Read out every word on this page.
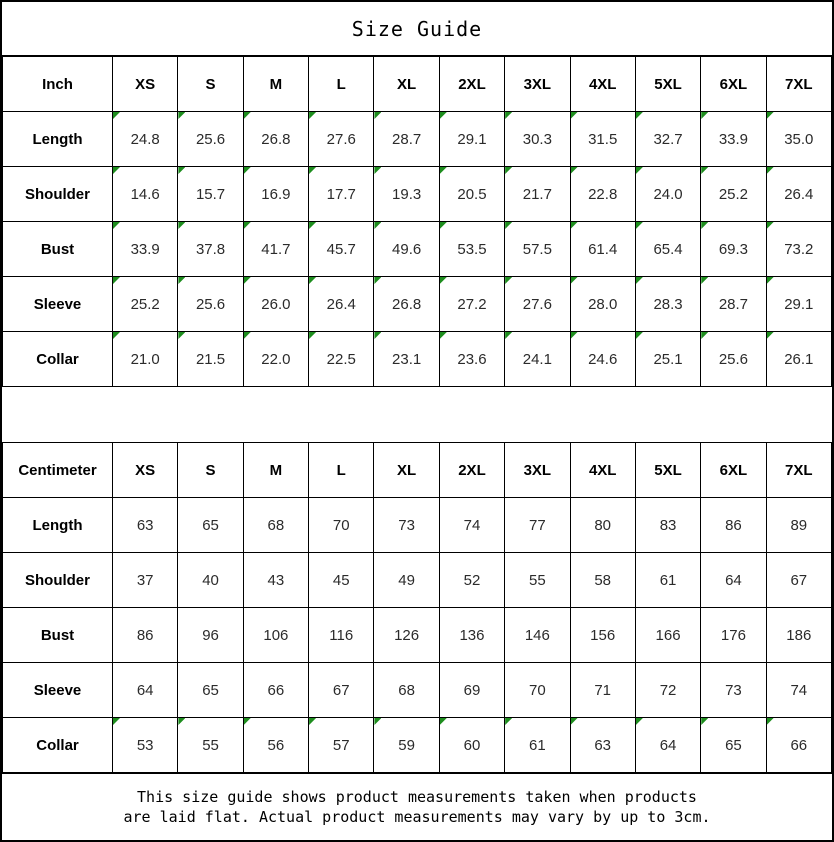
Size Guide
Inch	XS	S	M	L	XL	2XL	3XL	4XL	5XL	6XL	7XL
Length	24.8	25.6	26.8	27.6	28.7	29.1	30.3	31.5	32.7	33.9	35.0

Shoulder	14.6	15.7	16.9	17.7	19.3	20.5	21.7	22.8	24.0	25.2	26.4

Bust	33.9	37.8	41.7	45.7	49.6	53.5	57.5	61.4	65.4	69.3	73.2

Sleeve	25.2	25.6	26.0	26.4	26.8	27.2	27.6	28.0	28.3	28.7	29.1

Collar	21.0	21.5	22.0	22.5	23.1	23.6	24.1	24.6	25.1	25.6	26.1
Centimeter	XS	S	M	L	XL	2XL	3XL	4XL	5XL	6XL	7XL
Length	63	65	68	70	73	74	77	80	83	86	89
Shoulder	37	40	43	45	49	52	55	58	61	64	67
Bust	86	96	106	116	126	136	146	156	166	176	186
Sleeve	64	65	66	67	68	69	70	71	72	73	74
Collar	53	55	56	57	59	60	61	63	64	65	66
This size guide shows product measurements taken when products
are laid flat. Actual product measurements may vary by up to 3cm.
